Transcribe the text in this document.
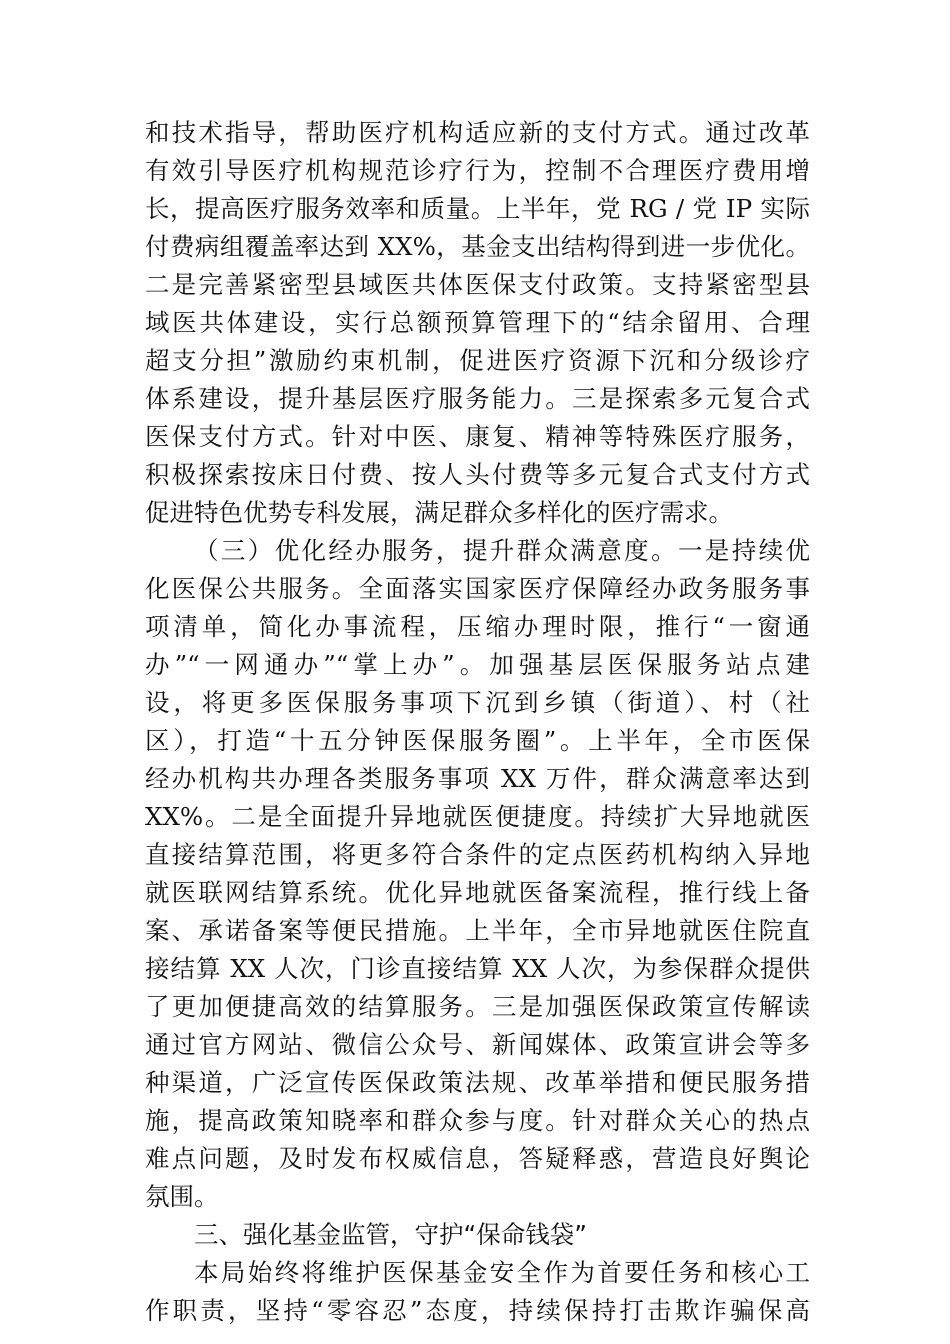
和技术指导，帮助医疗机构适应新的支付方式。通过改革
有效引导医疗机构规范诊疗行为，控制不合理医疗费用增
长，提高医疗服务效率和质量。上半年，党 RG / 党 IP 实际
付费病组覆盖率达到 XX%，基金支出结构得到进一步优化。
二是完善紧密型县域医共体医保支付政策。支持紧密型县
域医共体建设，实行总额预算管理下的“结余留用、合理
超支分担”激励约束机制，促进医疗资源下沉和分级诊疗
体系建设，提升基层医疗服务能力。三是探索多元复合式
医保支付方式。针对中医、康复、精神等特殊医疗服务，
积极探索按床日付费、按人头付费等多元复合式支付方式
促进特色优势专科发展，满足群众多样化的医疗需求。
（三）优化经办服务，提升群众满意度。一是持续优
化医保公共服务。全面落实国家医疗保障经办政务服务事
项清单，简化办事流程，压缩办理时限，推行“一窗通
办”“一网通办”“掌上办”。加强基层医保服务站点建
设，将更多医保服务事项下沉到乡镇（街道）、村（社
区），打造“十五分钟医保服务圈”。上半年，全市医保
经办机构共办理各类服务事项 XX 万件，群众满意率达到
XX%。二是全面提升异地就医便捷度。持续扩大异地就医
直接结算范围，将更多符合条件的定点医药机构纳入异地
就医联网结算系统。优化异地就医备案流程，推行线上备
案、承诺备案等便民措施。上半年，全市异地就医住院直
接结算 XX 人次，门诊直接结算 XX 人次，为参保群众提供
了更加便捷高效的结算服务。三是加强医保政策宣传解读
通过官方网站、微信公众号、新闻媒体、政策宣讲会等多
种渠道，广泛宣传医保政策法规、改革举措和便民服务措
施，提高政策知晓率和群众参与度。针对群众关心的热点
难点问题，及时发布权威信息，答疑释惑，营造良好舆论
氛围。
三、强化基金监管，守护“保命钱袋”
本局始终将维护医保基金安全作为首要任务和核心工
作职责，坚持“零容忍”态度，持续保持打击欺诈骗保高
